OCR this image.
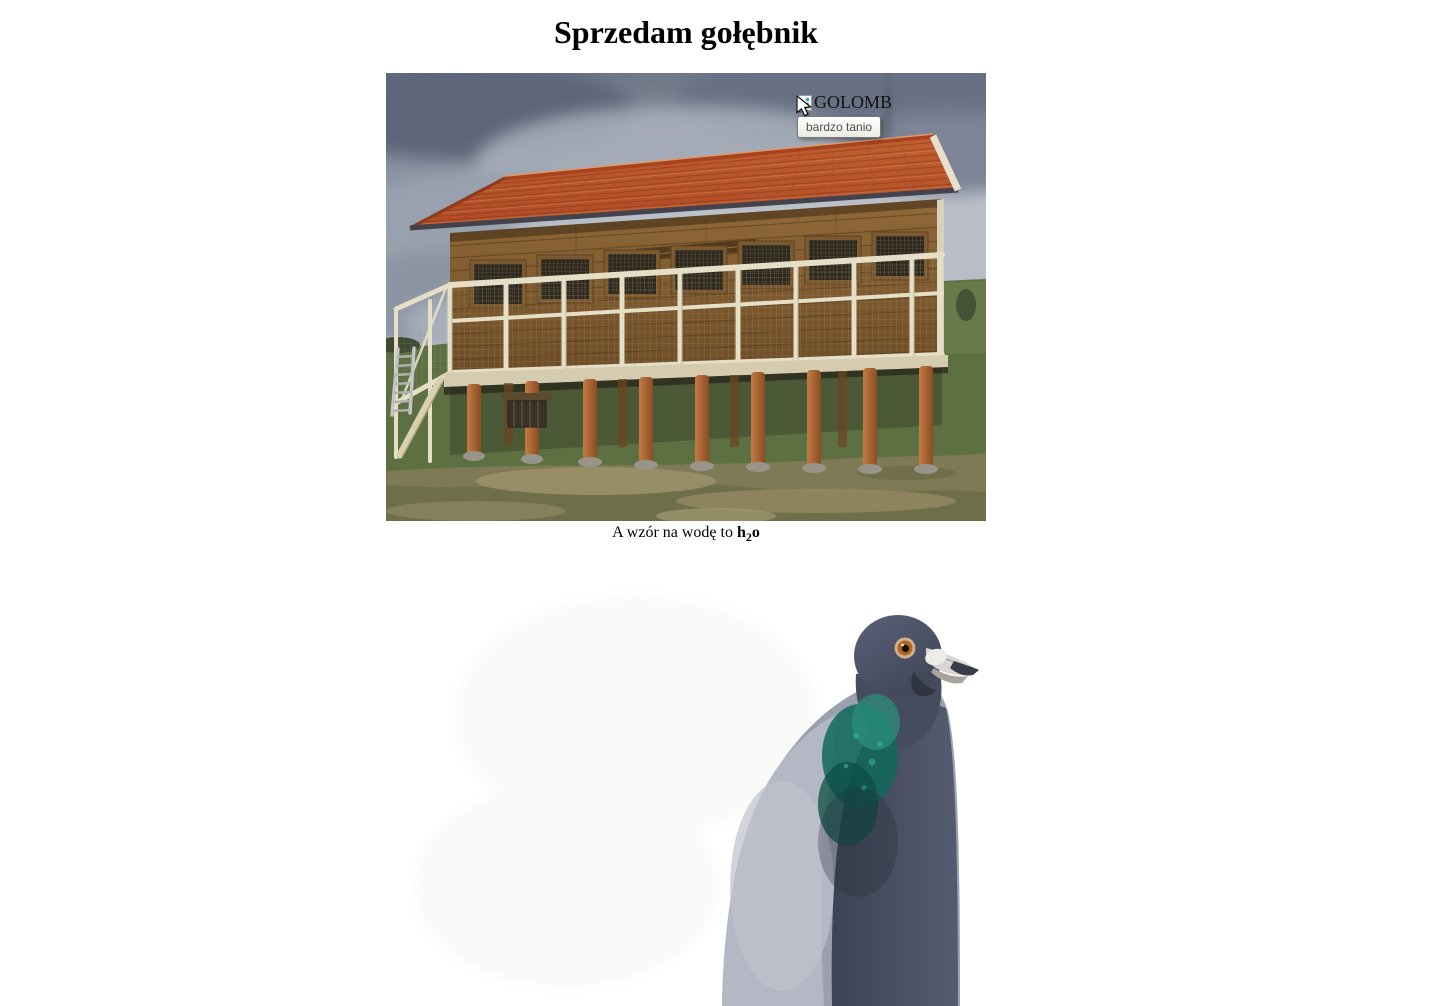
Sprzedam gołębnik
GOLOMB
bardzo tanio
A wzór na wodę to $h_2o$
